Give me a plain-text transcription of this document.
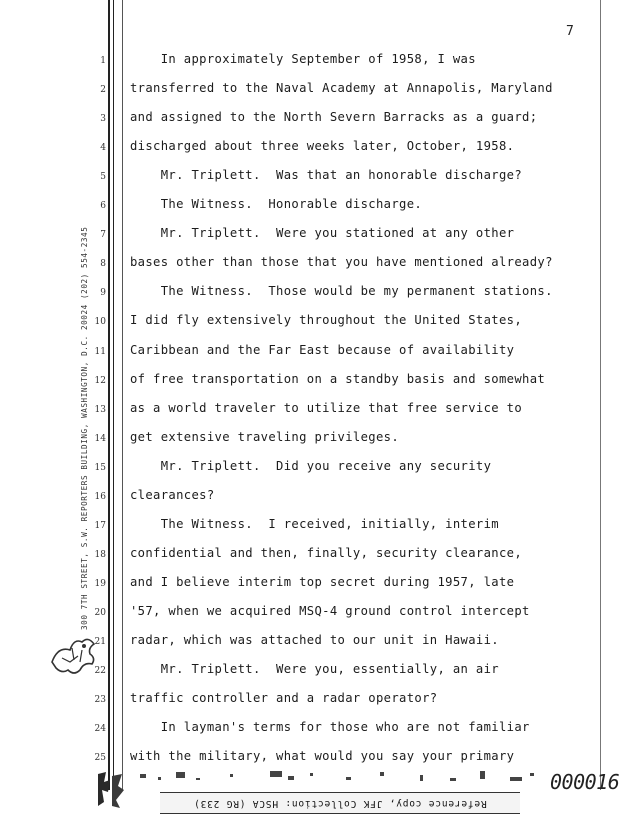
7
300 7TH STREET, S.W. REPORTERS BUILDING, WASHINGTON, D.C. 20024 (202) 554-2345
1 In approximately September of 1958, I was
2 transferred to the Naval Academy at Annapolis, Maryland
3 and assigned to the North Severn Barracks as a guard;
4 discharged about three weeks later, October, 1958.
5 Mr. Triplett.  Was that an honorable discharge?
6 The Witness.  Honorable discharge.
7 Mr. Triplett.  Were you stationed at any other
8 bases other than those that you have mentioned already?
9 The Witness.  Those would be my permanent stations.
10 I did fly extensively throughout the United States,
11 Caribbean and the Far East because of availability
12 of free transportation on a standby basis and somewhat
13 as a world traveler to utilize that free service to
14 get extensive traveling privileges.
15 Mr. Triplett.  Did you receive any security
16 clearances?
17 The Witness.  I received, initially, interim
18 confidential and then, finally, security clearance,
19 and I believe interim top secret during 1957, late
20 '57, when we acquired MSQ-4 ground control intercept
21 radar, which was attached to our unit in Hawaii.
22 Mr. Triplett.  Were you, essentially, an air
23 traffic controller and a radar operator?
24 In layman's terms for those who are not familiar
25 with the military, what would you say your primary
000016
Reference copy, JFK Collection: HSCA (RG 233)
